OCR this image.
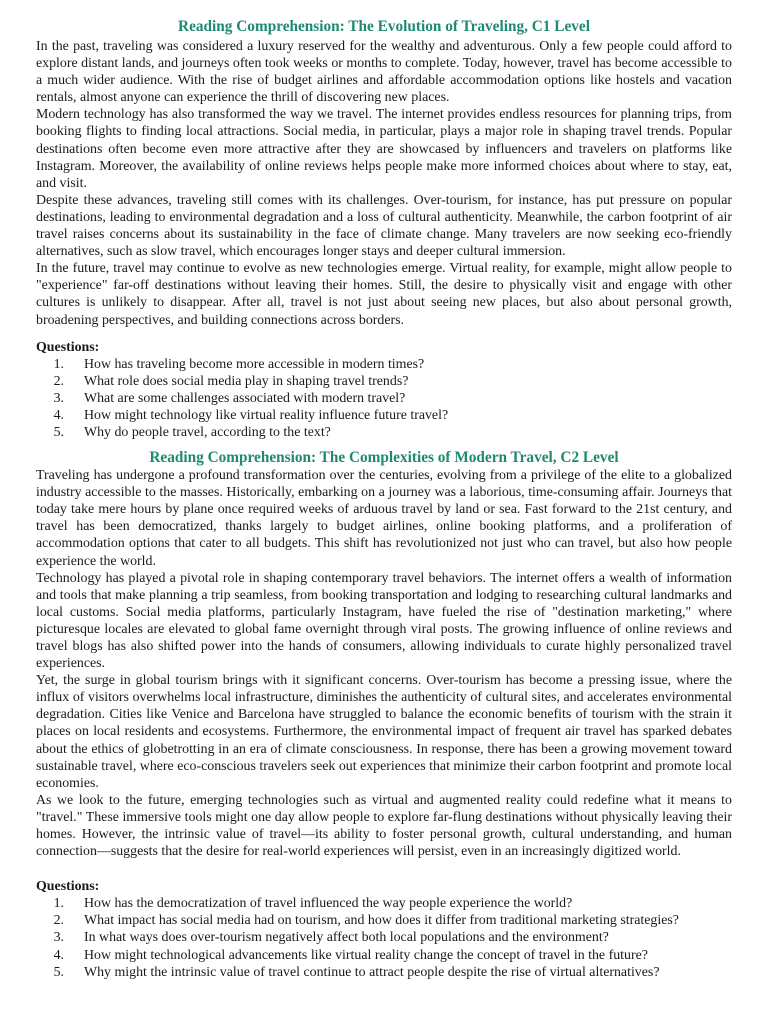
Reading Comprehension: The Evolution of Traveling, C1 Level

In the past, traveling was considered a luxury reserved for the wealthy and adventurous. Only a few people could afford to explore distant lands, and journeys often took weeks or months to complete. Today, however, travel has become accessible to a much wider audience. With the rise of budget airlines and affordable accommodation options like hostels and vacation rentals, almost anyone can experience the thrill of discovering new places.

Modern technology has also transformed the way we travel. The internet provides endless resources for planning trips, from booking flights to finding local attractions. Social media, in particular, plays a major role in shaping travel trends. Popular destinations often become even more attractive after they are showcased by influencers and travelers on platforms like Instagram. Moreover, the availability of online reviews helps people make more informed choices about where to stay, eat, and visit.

Despite these advances, traveling still comes with its challenges. Over-tourism, for instance, has put pressure on popular destinations, leading to environmental degradation and a loss of cultural authenticity. Meanwhile, the carbon footprint of air travel raises concerns about its sustainability in the face of climate change. Many travelers are now seeking eco-friendly alternatives, such as slow travel, which encourages longer stays and deeper cultural immersion.

In the future, travel may continue to evolve as new technologies emerge. Virtual reality, for example, might allow people to "experience" far-off destinations without leaving their homes. Still, the desire to physically visit and engage with other cultures is unlikely to disappear. After all, travel is not just about seeing new places, but also about personal growth, broadening perspectives, and building connections across borders.

Questions:

1.	How has traveling become more accessible in modern times?
2.	What role does social media play in shaping travel trends?
3.	What are some challenges associated with modern travel?
4.	How might technology like virtual reality influence future travel?
5.	Why do people travel, according to the text?
Reading Comprehension: The Complexities of Modern Travel, C2 Level

Traveling has undergone a profound transformation over the centuries, evolving from a privilege of the elite to a globalized industry accessible to the masses. Historically, embarking on a journey was a laborious, time-consuming affair. Journeys that today take mere hours by plane once required weeks of arduous travel by land or sea. Fast forward to the 21st century, and travel has been democratized, thanks largely to budget airlines, online booking platforms, and a proliferation of accommodation options that cater to all budgets. This shift has revolutionized not just who can travel, but also how people experience the world.

Technology has played a pivotal role in shaping contemporary travel behaviors. The internet offers a wealth of information and tools that make planning a trip seamless, from booking transportation and lodging to researching cultural landmarks and local customs. Social media platforms, particularly Instagram, have fueled the rise of "destination marketing," where picturesque locales are elevated to global fame overnight through viral posts. The growing influence of online reviews and travel blogs has also shifted power into the hands of consumers, allowing individuals to curate highly personalized travel experiences.

Yet, the surge in global tourism brings with it significant concerns. Over-tourism has become a pressing issue, where the influx of visitors overwhelms local infrastructure, diminishes the authenticity of cultural sites, and accelerates environmental degradation. Cities like Venice and Barcelona have struggled to balance the economic benefits of tourism with the strain it places on local residents and ecosystems. Furthermore, the environmental impact of frequent air travel has sparked debates about the ethics of globetrotting in an era of climate consciousness. In response, there has been a growing movement toward sustainable travel, where eco-conscious travelers seek out experiences that minimize their carbon footprint and promote local economies.

As we look to the future, emerging technologies such as virtual and augmented reality could redefine what it means to "travel." These immersive tools might one day allow people to explore far-flung destinations without physically leaving their homes. However, the intrinsic value of travel—its ability to foster personal growth, cultural understanding, and human connection—suggests that the desire for real-world experiences will persist, even in an increasingly digitized world.

Questions:

1.	How has the democratization of travel influenced the way people experience the world?
2.	What impact has social media had on tourism, and how does it differ from traditional marketing strategies?
3.	In what ways does over-tourism negatively affect both local populations and the environment?
4.	How might technological advancements like virtual reality change the concept of travel in the future?
5.	Why might the intrinsic value of travel continue to attract people despite the rise of virtual alternatives?
